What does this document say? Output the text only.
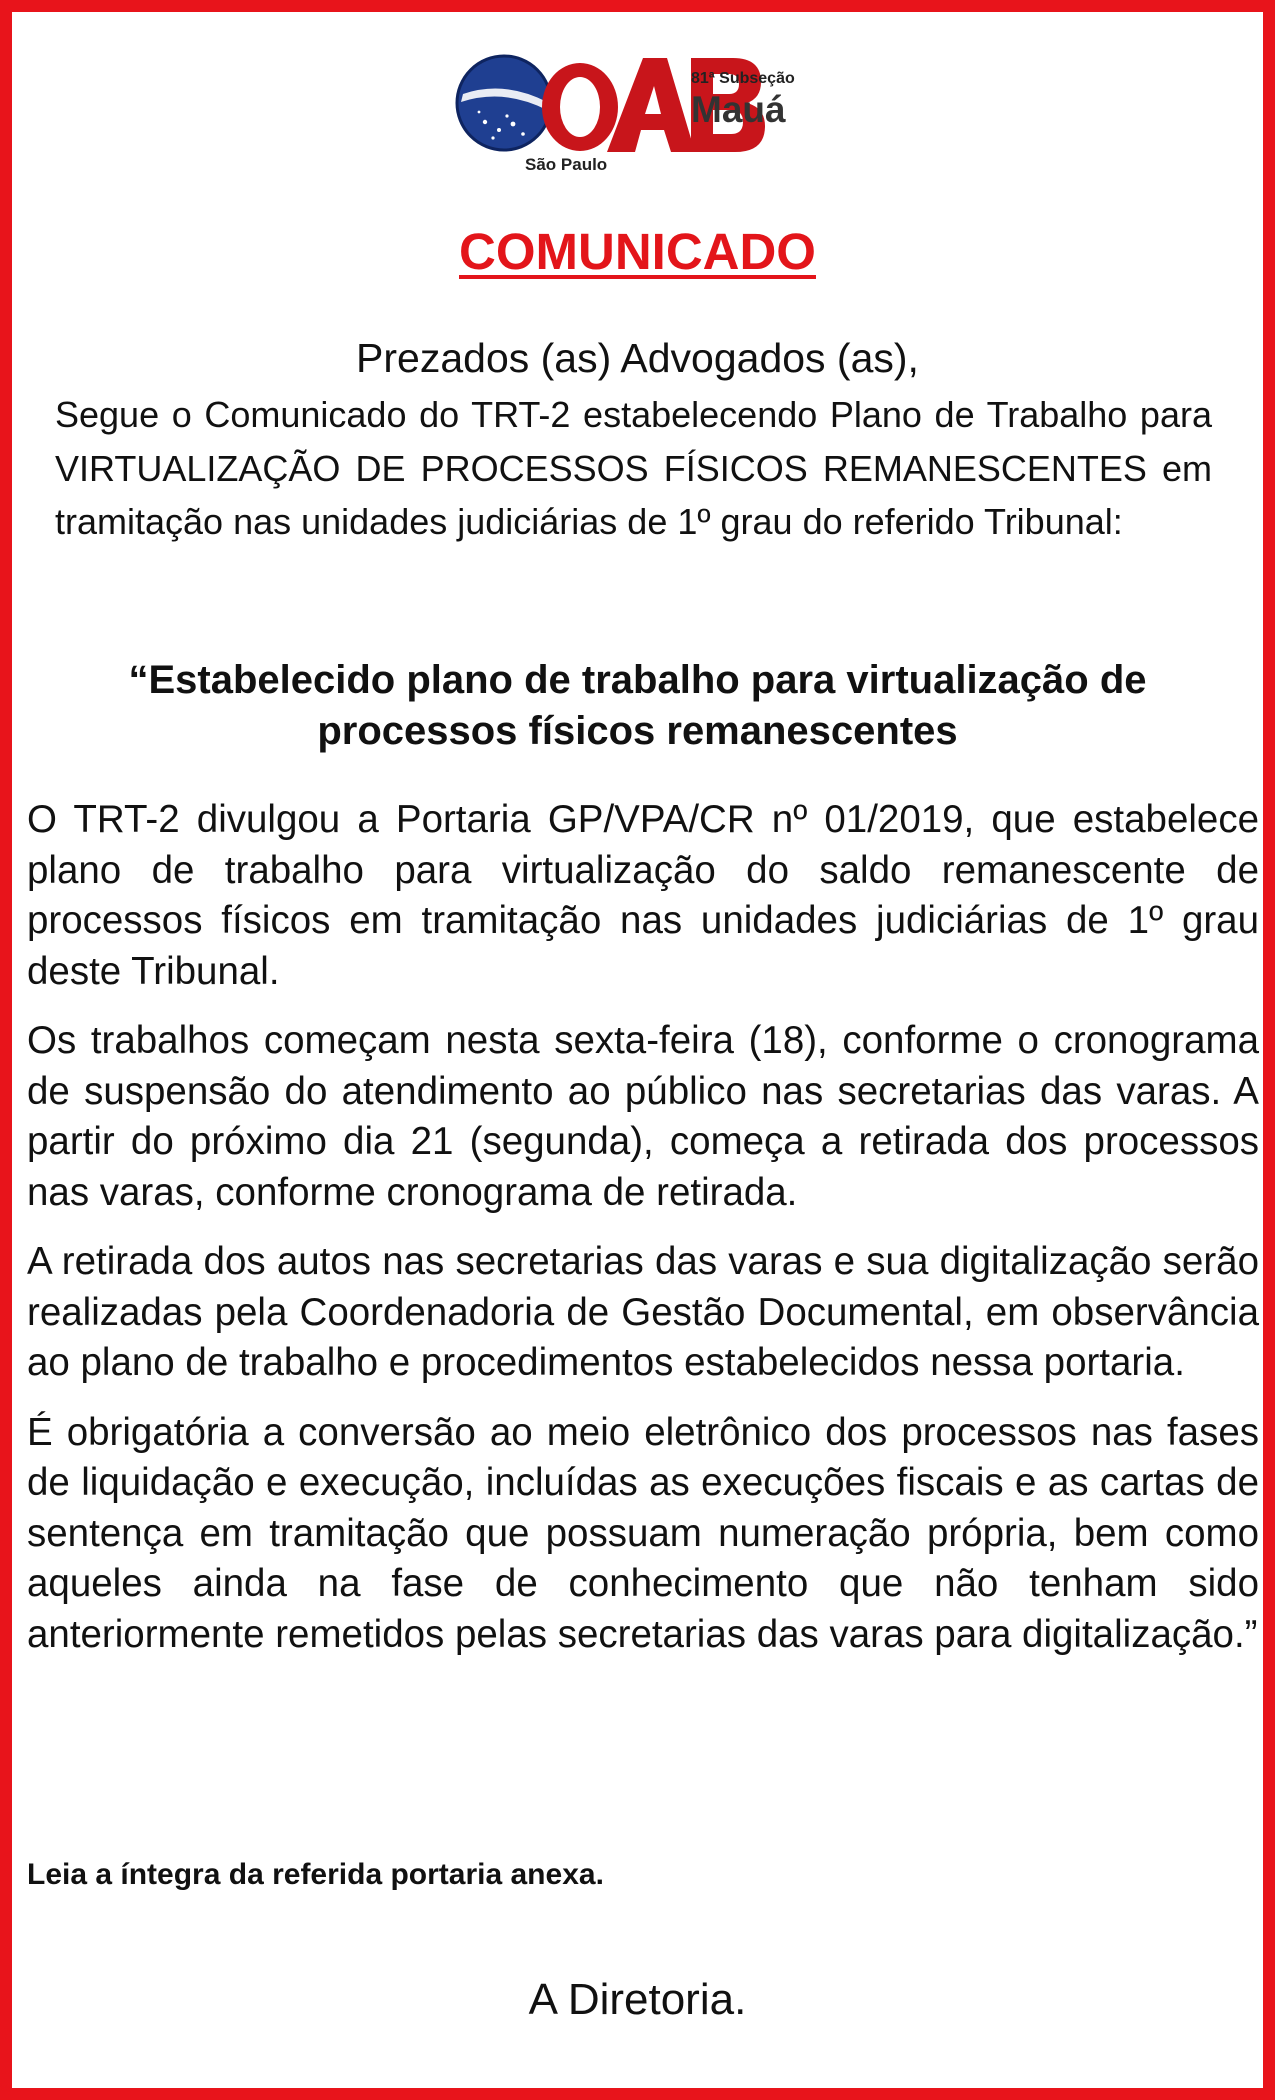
81ª Subseção
Mauá
São Paulo
COMUNICADO
Prezados (as) Advogados (as),

Segue o Comunicado do TRT-2 estabelecendo Plano de Trabalho para VIRTUALIZAÇÃO DE PROCESSOS FÍSICOS REMANESCENTES em tramitação nas unidades judiciárias de 1º grau do referido Tribunal:

“Estabelecido plano de trabalho para virtualização de processos físicos remanescentes

O TRT-2 divulgou a Portaria GP/VPA/CR nº 01/2019, que estabelece plano de trabalho para virtualização do saldo remanescente de processos físicos em tramitação nas unidades judiciárias de 1º grau deste Tribunal.

Os trabalhos começam nesta sexta-feira (18), conforme o cronograma de suspensão do atendimento ao público nas secretarias das varas. A partir do próximo dia 21 (segunda), começa a retirada dos processos nas varas, conforme cronograma de retirada.

A retirada dos autos nas secretarias das varas e sua digitalização serão realizadas pela Coordenadoria de Gestão Documental, em observância ao plano de trabalho e procedimentos estabelecidos nessa portaria.

É obrigatória a conversão ao meio eletrônico dos processos nas fases de liquidação e execução, incluídas as execuções fiscais e as cartas de sentença em tramitação que possuam numeração própria, bem como aqueles ainda na fase de conhecimento que não tenham sido anteriormente remetidos pelas secretarias das varas para digitalização.”

Leia a íntegra da referida portaria anexa.

A Diretoria.
